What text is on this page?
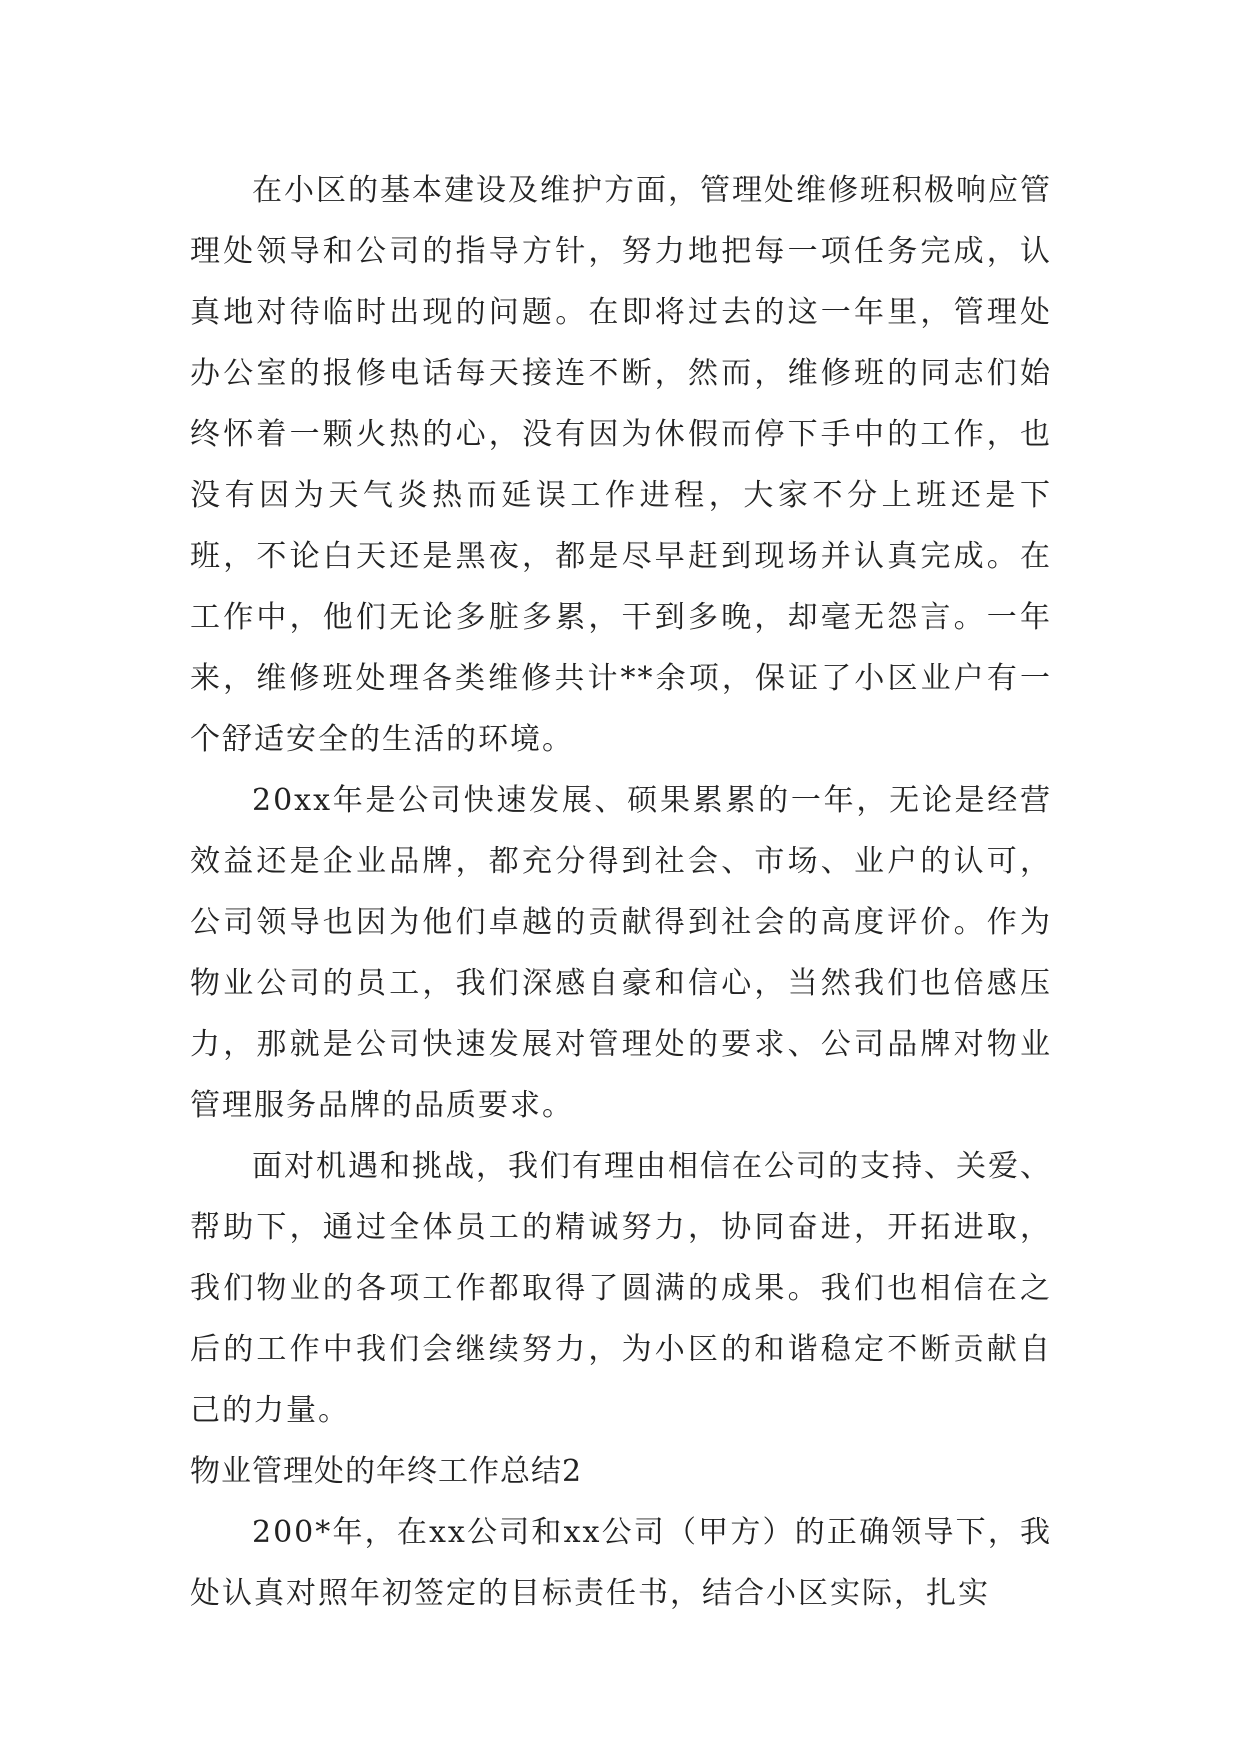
在小区的基本建设及维护方面，管理处维修班积极响应管理处领导和公司的指导方针，努力地把每一项任务完成，认真地对待临时出现的问题。在即将过去的这一年里，管理处办公室的报修电话每天接连不断，然而，维修班的同志们始终怀着一颗火热的心，没有因为休假而停下手中的工作，也没有因为天气炎热而延误工作进程，大家不分上班还是下班，不论白天还是黑夜，都是尽早赶到现场并认真完成。在工作中，他们无论多脏多累，干到多晚，却毫无怨言。一年来，维修班处理各类维修共计**余项，保证了小区业户有一个舒适安全的生活的环境。

20xx年是公司快速发展、硕果累累的一年，无论是经营效益还是企业品牌，都充分得到社会、市场、业户的认可，公司领导也因为他们卓越的贡献得到社会的高度评价。作为物业公司的员工，我们深感自豪和信心，当然我们也倍感压力，那就是公司快速发展对管理处的要求、公司品牌对物业管理服务品牌的品质要求。

面对机遇和挑战，我们有理由相信在公司的支持、关爱、帮助下，通过全体员工的精诚努力，协同奋进，开拓进取，我们物业的各项工作都取得了圆满的成果。我们也相信在之后的工作中我们会继续努力，为小区的和谐稳定不断贡献自己的力量。

物业管理处的年终工作总结2

200*年，在xx公司和xx公司（甲方）的正确领导下，我处认真对照年初签定的目标责任书，结合小区实际，扎实
